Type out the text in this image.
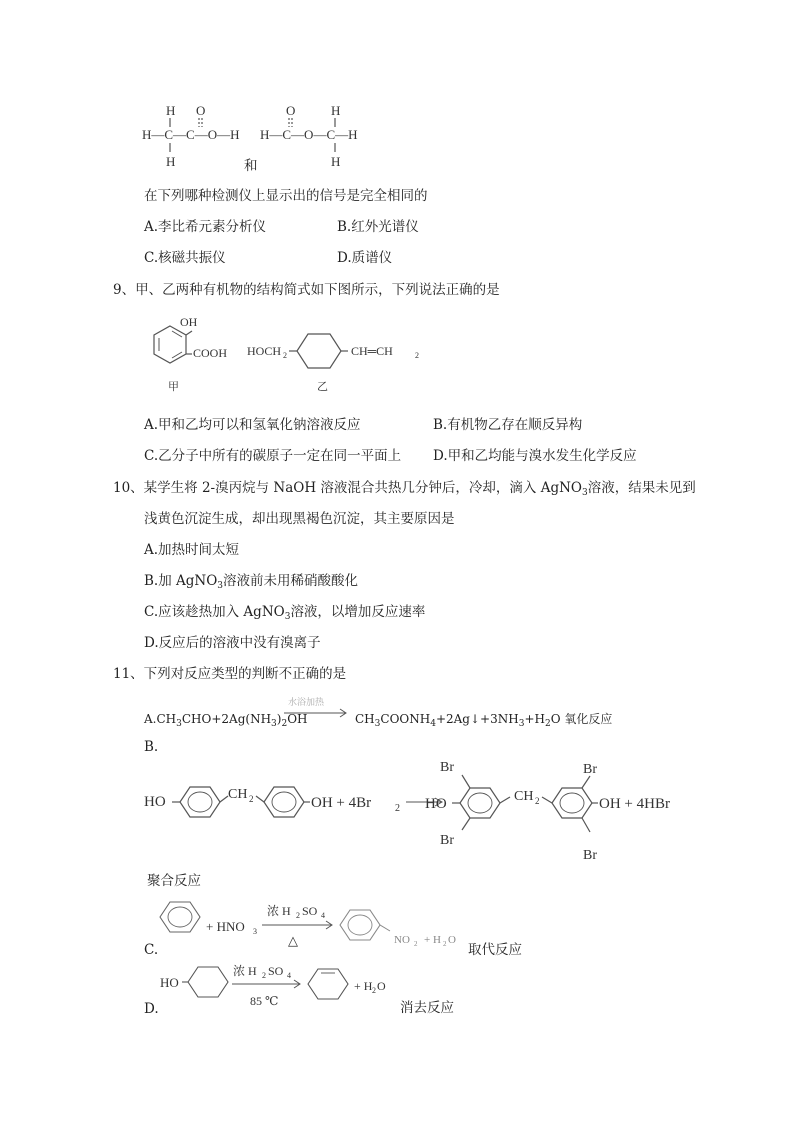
H O
H—C—C—O—H
H	和
O	H
H—C—O—C—H
H
在下列哪种检测仪上显示出的信号是完全相同的
A.李比希元素分析仪	B.红外光谱仪
C.核磁共振仪	D.质谱仪
9、甲、乙两种有机物的结构简式如下图所示，下列说法正确的是
OH
COOH
甲
HOCH 2	CH═CH	2
乙
A.甲和乙均可以和氢氧化钠溶液反应	B.有机物乙存在顺反异构
C.乙分子中所有的碳原子一定在同一平面上 D.甲和乙均能与溴水发生化学反应
10、某学生将 2-溴丙烷与 NaOH 溶液混合共热几分钟后，冷却，滴入 AgNO$_3$溶液，结果未见到
浅黄色沉淀生成，却出现黑褐色沉淀，其主要原因是
A.加热时间太短
B.加 AgNO$_3$溶液前未用稀硝酸酸化
C.应该趁热加入 AgNO$_3$溶液，以增加反应速率
D.反应后的溶液中没有溴离子
11、下列对反应类型的判断不正确的是
$A.CH_3CHO+2Ag(NH_3)_2OH$
水浴加热
$CH_3COONH_4+2Ag↓+3NH_3+H_2O$ 氧化反应
B.
HO	CH 2	OH + 4Br 2
Br
HO
Br
CH 2
Br
Br
OH + 4HBr
聚合反应
+ HNO 3
浓 H 2 SO 4
△	NO 2 + H 2 O
C.	取代反应
HO
浓 H 2 SO 4
85 ℃
+ H 2 O
D.	消去反应
